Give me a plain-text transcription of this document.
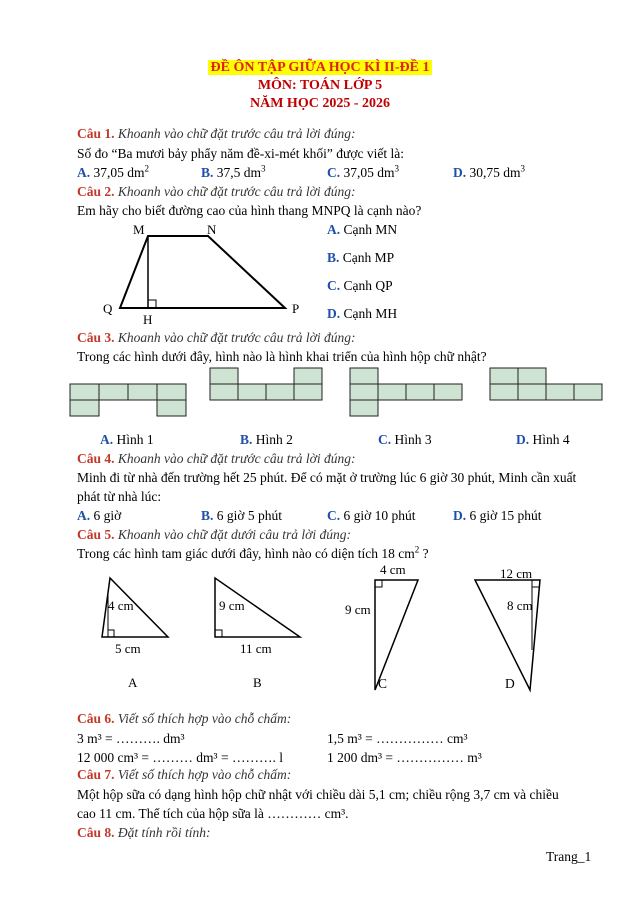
ĐỀ ÔN TẬP GIỮA HỌC KÌ II-ĐỀ 1
MÔN: TOÁN LỚP 5
NĂM HỌC 2025 - 2026
Câu 1. Khoanh vào chữ đặt trước câu trả lời đúng:
Số đo “Ba mươi bảy phẩy năm đề-xi-mét khối” được viết là:
A. 37,05 $dm^2$	B. 37,5 $dm^3$	C. 37,05 $dm^3$	D. 30,75 $dm^3$
Câu 2. Khoanh vào chữ đặt trước câu trả lời đúng:
Em hãy cho biết đường cao của hình thang MNPQ là cạnh nào?
M	N
Q	P
H
A. Cạnh MN
B. Cạnh MP
C. Cạnh QP
D. Cạnh MH
Câu 3. Khoanh vào chữ đặt trước câu trả lời đúng:
Trong các hình dưới đây, hình nào là hình khai triển của hình hộp chữ nhật?
A. Hình 1	B. Hình 2	C. Hình 3	D. Hình 4
Câu 4. Khoanh vào chữ đặt trước câu trả lời đúng:
Minh đi từ nhà đến trường hết 25 phút. Để có mặt ở trường lúc 6 giờ 30 phút, Minh cần xuất
phát từ nhà lúc:
A. 6 giờ	B. 6 giờ 5 phút	C. 6 giờ 10 phút	D. 6 giờ 15 phút
Câu 5. Khoanh vào chữ đặt dưới câu trả lời đúng:
Trong các hình tam giác dưới đây, hình nào có diện tích 18 $cm^2$ ?
4 cm
5 cm
9 cm
11 cm
4 cm
9 cm
12 cm
8 cm
A	B	C	D
Câu 6. Viết số thích hợp vào chỗ chấm:
3 m³ = ………. dm³	1,5 m³ = …………… cm³
12 000 cm³ = ……… dm³ = ………. l	1 200 dm³ = …………… m³
Câu 7. Viết số thích hợp vào chỗ chấm:
Một hộp sữa có dạng hình hộp chữ nhật với chiều dài 5,1 cm; chiều rộng 3,7 cm và chiều
cao 11 cm. Thể tích của hộp sữa là ………… cm³.
Câu 8. Đặt tính rồi tính:
Trang_1
